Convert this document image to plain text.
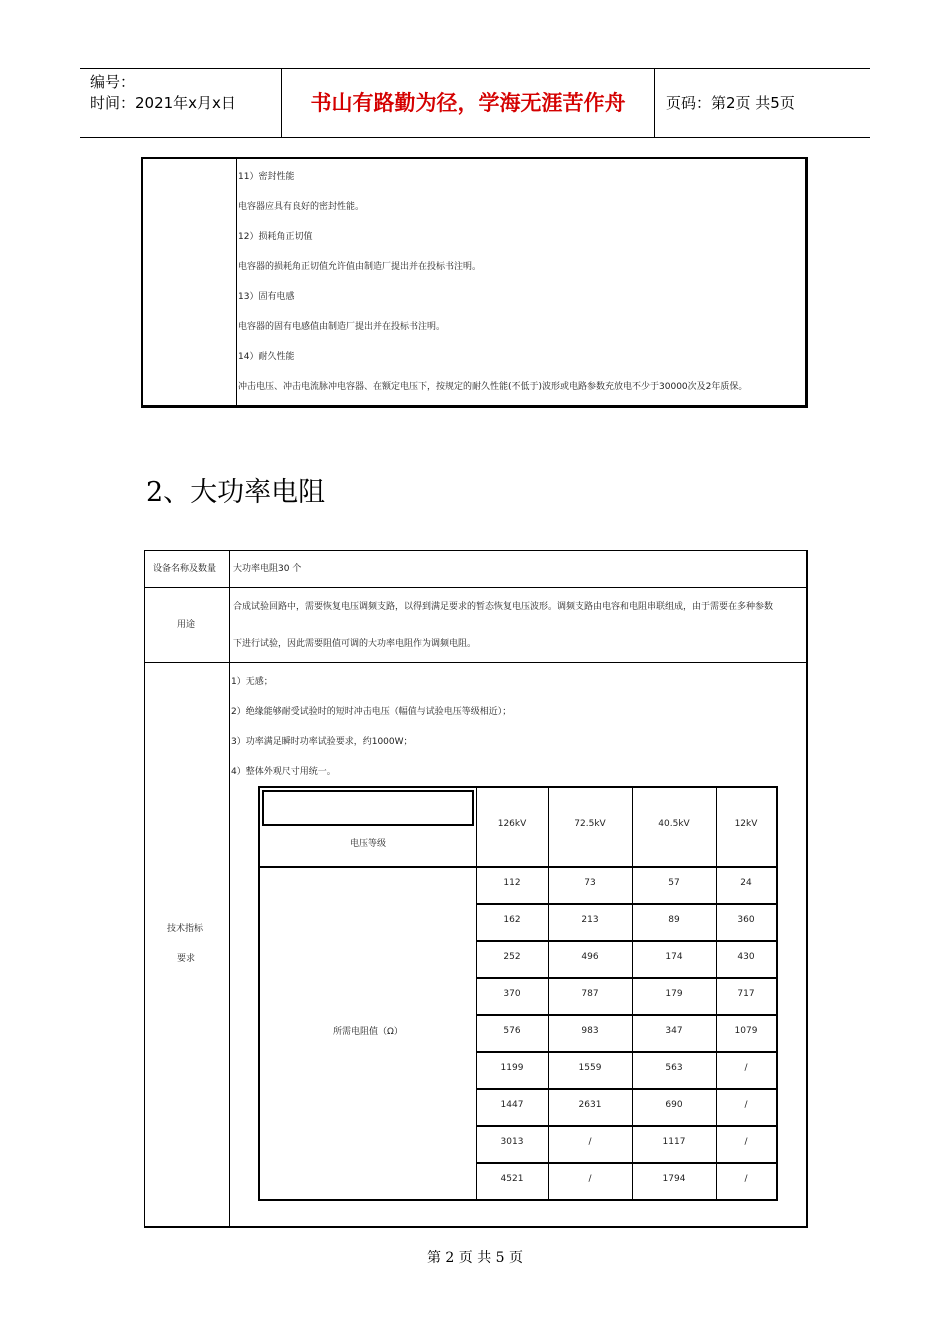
编号：
时间：2021年x月x日	书山有路勤为径，学海无涯苦作舟	页码：第2页 共5页
11）密封性能
电容器应具有良好的密封性能。
12）损耗角正切值
电容器的损耗角正切值允许值由制造厂提出并在投标书注明。
13）固有电感
电容器的固有电感值由制造厂提出并在投标书注明。
14）耐久性能
冲击电压、冲击电流脉冲电容器、在额定电压下，按规定的耐久性能(不低于)波形或电路参数充放电不少于30000次及2年质保。
2、大功率电阻
设备名称及数量 大功率电阻30 个
用途
合成试验回路中，需要恢复电压调频支路，以得到满足要求的暂态恢复电压波形。调频支路由电容和电阻串联组成，由于需要在多种参数
下进行试验，因此需要阻值可调的大功率电阻作为调频电阻。
技术指标
要求
1）无感；
2）绝缘能够耐受试验时的短时冲击电压（幅值与试验电压等级相近）；
3）功率满足瞬时功率试验要求，约1000W；
4）整体外观尺寸用统一。
电压等级
所需电阻值（Ω）
126kV	72.5kV	40.5kV	12kV
112	73	57	24
162	213	89	360
252	496	174	430
370	787	179	717
576	983	347	1079
1199	1559	563	/
1447	2631	690	/
3013	/	1117	/
4521	/	1794	/
第 2 页 共 5 页
